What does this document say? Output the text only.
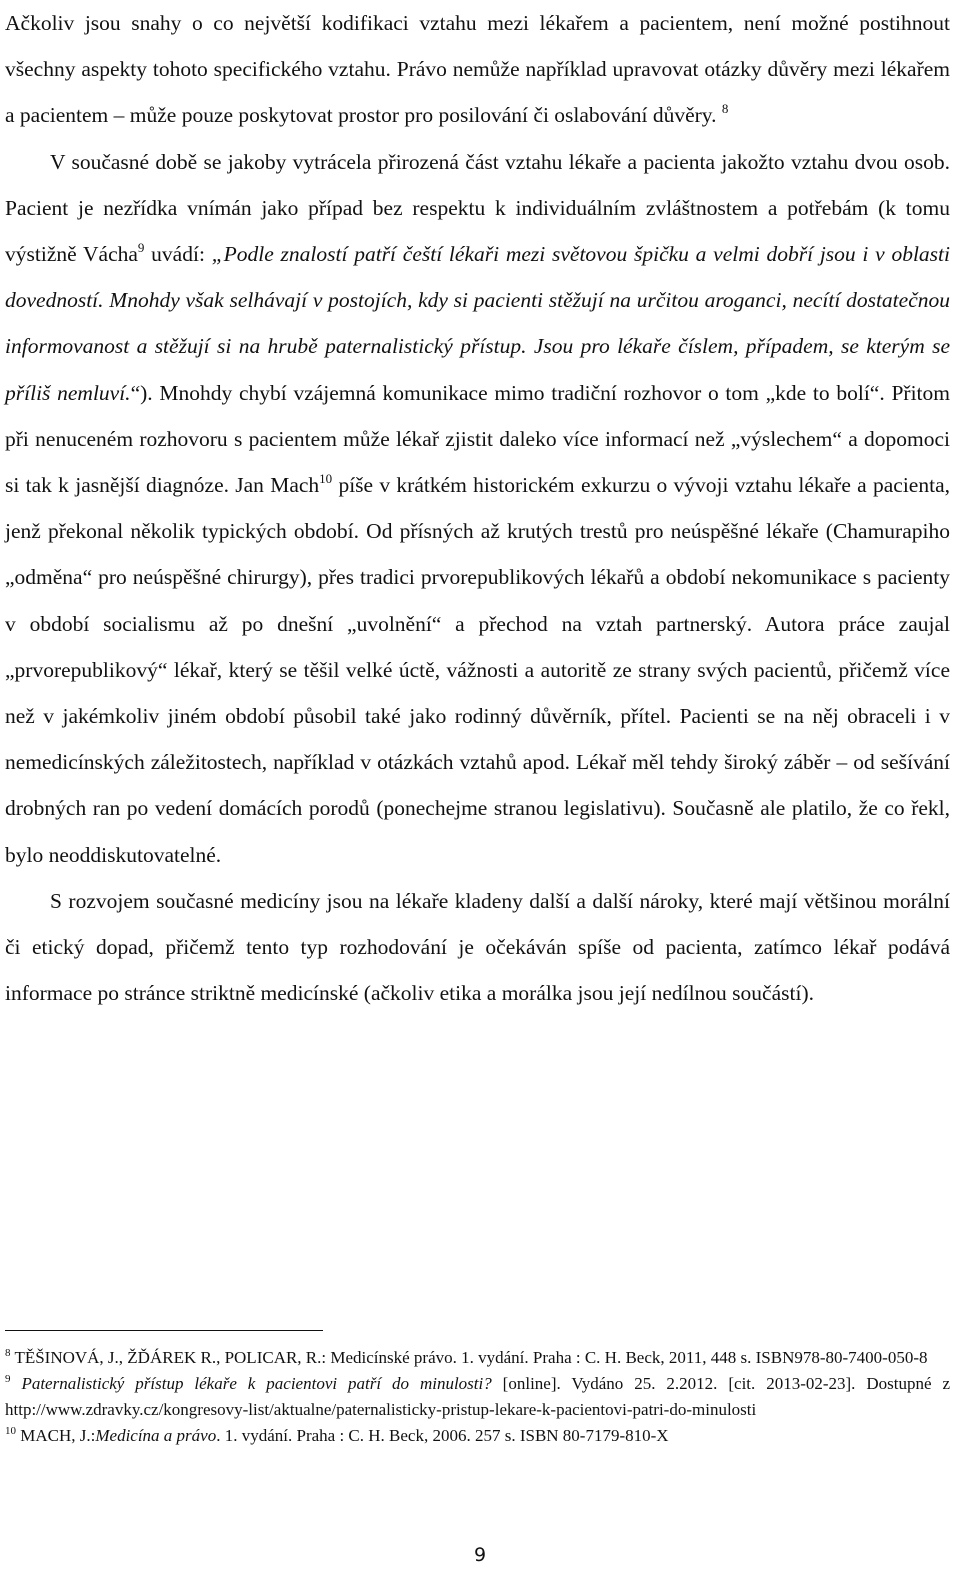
Ačkoliv jsou snahy o co největší kodifikaci vztahu mezi lékařem a pacientem, není možné postihnout všechny aspekty tohoto specifického vztahu. Právo nemůže například upravovat otázky důvěry mezi lékařem a pacientem – může pouze poskytovat prostor pro posilování či oslabování důvěry. $^8$

V současné době se jakoby vytrácela přirozená část vztahu lékaře a pacienta jakožto vztahu dvou osob. Pacient je nezřídka vnímán jako případ bez respektu k individuálním zvláštnostem a potřebám (k tomu výstižně Vácha$^9$ uvádí: „Podle znalostí patří čeští lékaři mezi světovou špičku a velmi dobří jsou i v oblasti dovedností. Mnohdy však selhávají v postojích, kdy si pacienti stěžují na určitou aroganci, necítí dostatečnou informovanost a stěžují si na hrubě paternalistický přístup. Jsou pro lékaře číslem, případem, se kterým se příliš nemluví.“). Mnohdy chybí vzájemná komunikace mimo tradiční rozhovor o tom „kde to bolí“. Přitom při nenuceném rozhovoru s pacientem může lékař zjistit daleko více informací než „výslechem“ a dopomoci si tak k jasnější diagnóze. Jan Mach$^{10}$ píše v krátkém historickém exkurzu o vývoji vztahu lékaře a pacienta, jenž překonal několik typických období. Od přísných až krutých trestů pro neúspěšné lékaře (Chamurapiho „odměna“ pro neúspěšné chirurgy), přes tradici prvorepublikových lékařů a období nekomunikace s pacienty v období socialismu až po dnešní „uvolnění“ a přechod na vztah partnerský. Autora práce zaujal „prvorepublikový“ lékař, který se těšil velké úctě, vážnosti a autoritě ze strany svých pacientů, přičemž více než v jakémkoliv jiném období působil také jako rodinný důvěrník, přítel. Pacienti se na něj obraceli i v nemedicínských záležitostech, například v otázkách vztahů apod. Lékař měl tehdy široký záběr – od sešívání drobných ran po vedení domácích porodů (ponechejme stranou legislativu). Současně ale platilo, že co řekl, bylo neoddiskutovatelné.

S rozvojem současné medicíny jsou na lékaře kladeny další a další nároky, které mají většinou morální či etický dopad, přičemž tento typ rozhodování je očekáván spíše od pacienta, zatímco lékař podává informace po stránce striktně medicínské (ačkoliv etika a morálka jsou její nedílnou součástí).

$^8$ TĚŠINOVÁ, J., ŽĎÁREK R., POLICAR, R.: Medicínské právo. 1. vydání. Praha : C. H. Beck, 2011, 448 s. ISBN978-80-7400-050-8

$^9$ Paternalistický přístup lékaře k pacientovi patří do minulosti? [online]. Vydáno 25. 2.2012. [cit. 2013-02-23]. Dostupné z http://www.zdravky.cz/kongresovy-list/aktualne/paternalisticky-pristup-lekare-k-pacientovi-patri-do-minulosti

$^{10}$ MACH, J.:Medicína a právo. 1. vydání. Praha : C. H. Beck, 2006. 257 s. ISBN 80-7179-810-X

9
